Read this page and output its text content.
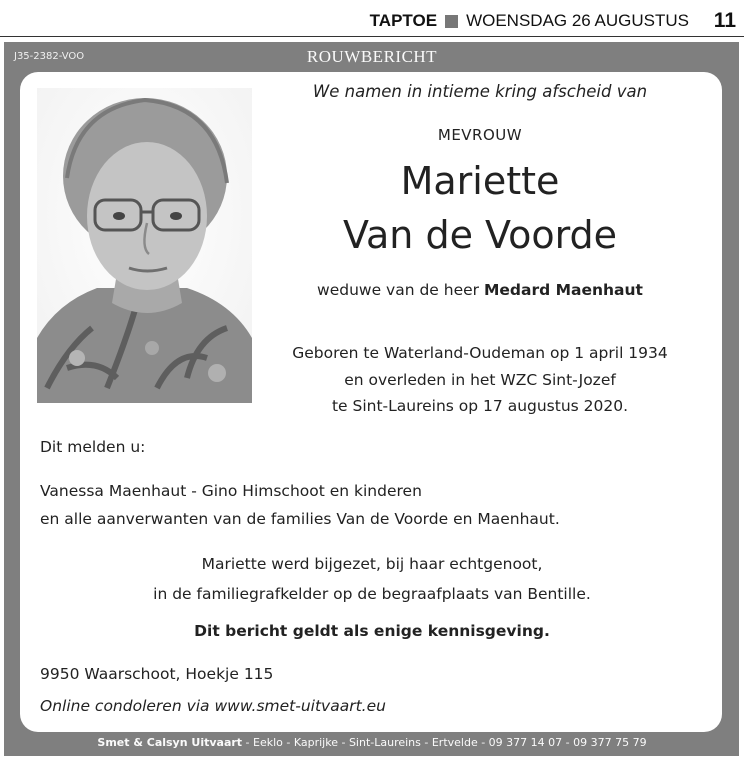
TAPTOE WOENSDAG 26 AUGUSTUS 11
J35-2382-VOO	ROUWBERICHT
We namen in intieme kring afscheid van
MEVROUW
Mariette
Van de Voorde
weduwe van de heer Medard Maenhaut
Geboren te Waterland-Oudeman op 1 april 1934
en overleden in het WZC Sint-Jozef
te Sint-Laureins op 17 augustus 2020.
Dit melden u:
Vanessa Maenhaut - Gino Himschoot en kinderen
en alle aanverwanten van de families Van de Voorde en Maenhaut.
Mariette werd bijgezet, bij haar echtgenoot,
in de familiegrafkelder op de begraafplaats van Bentille.
Dit bericht geldt als enige kennisgeving.
9950 Waarschoot, Hoekje 115
Online condoleren via www.smet-uitvaart.eu
Smet & Calsyn Uitvaart - Eeklo - Kaprijke - Sint-Laureins - Ertvelde - 09 377 14 07 - 09 377 75 79
